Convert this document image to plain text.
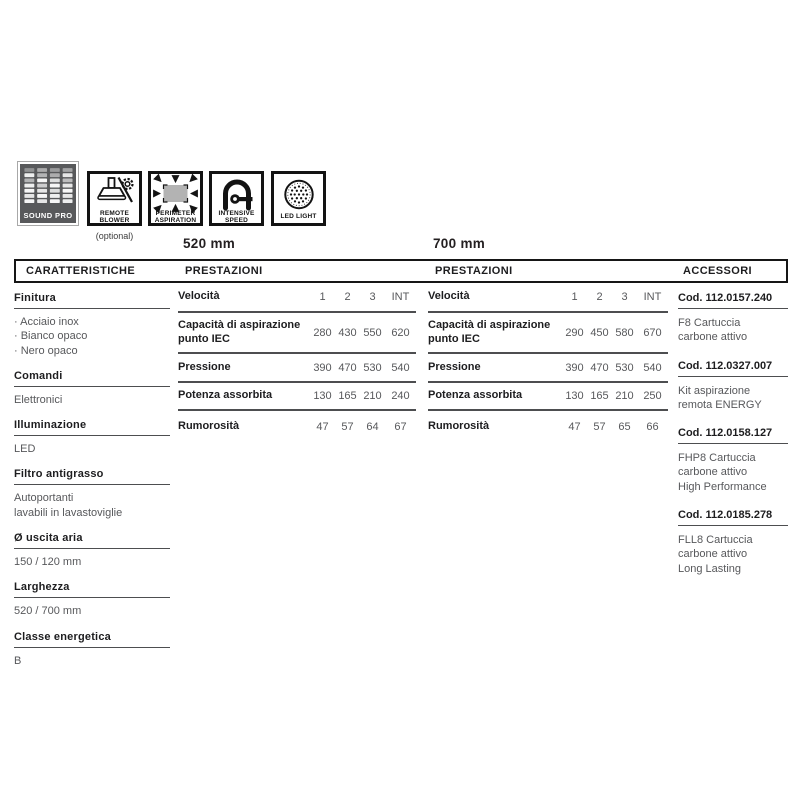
SOUND PRO	REMOTE
BLOWER
PERIMETER
ASPIRATION
INTENSIVE
SPEED
LED LIGHT
(optional)	520 mm	700 mm
CARATTERISTICHE	PRESTAZIONI	PRESTAZIONI	ACCESSORI
Finitura
· Acciaio inox
· Bianco opaco
· Nero opaco
Comandi
Elettronici
Illuminazione
LED
Filtro antigrasso
Autoportanti
lavabili in lavastoviglie
Ø uscita aria
150 / 120 mm
Larghezza
520 / 700 mm
Classe energetica
B
Velocità	1	2	3	INT
Capacità di aspirazione punto IEC	280 430 550 620
Pressione	390 470 530 540
Potenza assorbita	130 165 210 240
Rumorosità	47	57	64	67
Velocità	1	2	3	INT
Capacità di aspirazione punto IEC	290 450 580 670
Pressione	390 470 530 540
Potenza assorbita	130 165 210 250
Rumorosità	47	57	65	66
Cod. 112.0157.240
F8 Cartuccia
carbone attivo
Cod. 112.0327.007
Kit aspirazione
remota ENERGY
Cod. 112.0158.127
FHP8 Cartuccia
carbone attivo
High Performance
Cod. 112.0185.278
FLL8 Cartuccia
carbone attivo
Long Lasting
